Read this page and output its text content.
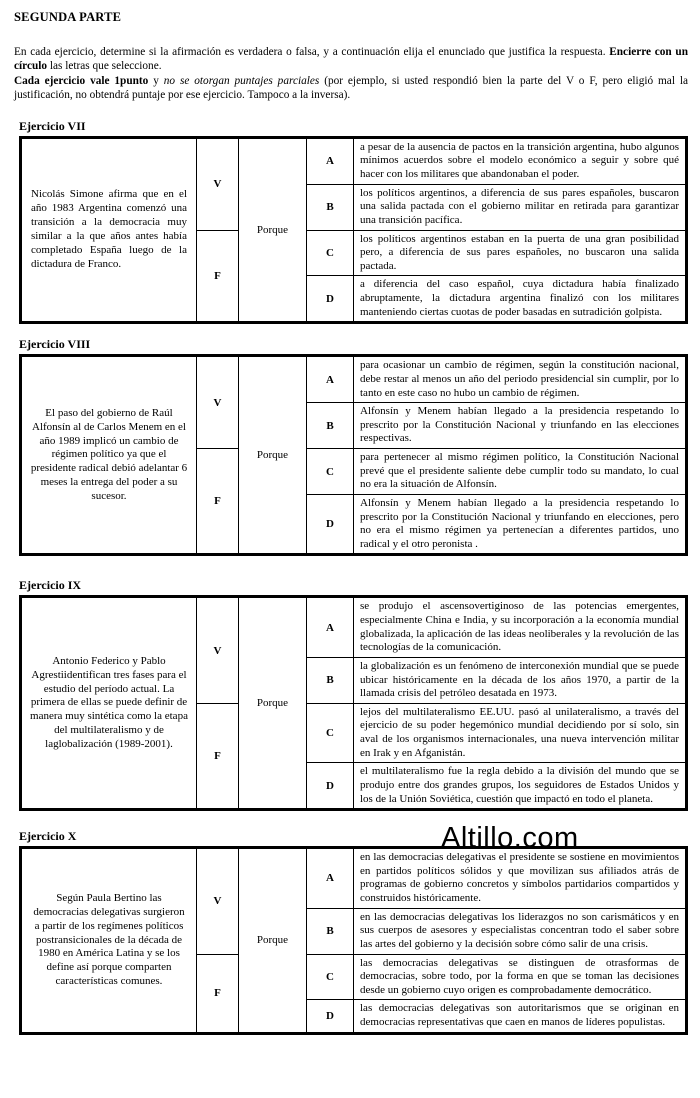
SEGUNDA PARTE

En cada ejercicio, determine si la afirmación es verdadera o falsa, y a continuación elija el enunciado que justifica la respuesta. Encierre con un círculo las letras que seleccione.

Cada ejercicio vale 1punto y no se otorgan puntajes parciales (por ejemplo, si usted respondió bien la parte del V o F, pero eligió mal la justificación, no obtendrá puntaje por ese ejercicio. Tampoco a la inversa).

Ejercicio VII
Nicolás Simone afirma que en el año 1983 Argentina comenzó una transición a la democracia muy similar a la que años antes había completado España luego de la dictadura de Franco.	V	Porque	A	a pesar de la ausencia de pactos en la transición argentina, hubo algunos mínimos acuerdos sobre el modelo económico a seguir y sobre qué hacer con los militares que abandonaban el poder.
			B	los políticos argentinos, a diferencia de sus pares españoles, buscaron una salida pactada con el gobierno militar en retirada para garantizar una transición pacífica.
	F		C	los políticos argentinos estaban en la puerta de una gran posibilidad pero, a diferencia de sus pares españoles, no buscaron una salida pactada.
			D	a diferencia del caso español, cuya dictadura había finalizado abruptamente, la dictadura argentina finalizó con los militares manteniendo ciertas cuotas de poder basadas en sutradición golpista.
Ejercicio VIII
El paso del gobierno de Raúl Alfonsín al de Carlos Menem en el año 1989 implicó un cambio de régimen político ya que el presidente radical debió adelantar 6 meses la entrega del poder a su sucesor.	V	Porque	A	para ocasionar un cambio de régimen, según la constitución nacional, debe restar al menos un año del periodo presidencial sin cumplir, por lo tanto en este caso no hubo un cambio de régimen.
			B	Alfonsín y Menem habían llegado a la presidencia respetando lo prescrito por la Constitución Nacional y triunfando en las elecciones respectivas.
	F		C	para pertenecer al mismo régimen político, la Constitución Nacional prevé que el presidente saliente debe cumplir todo su mandato, lo cual no era la situación de Alfonsín.
			D	Alfonsín y Menem habían llegado a la presidencia respetando lo prescrito por la Constitución Nacional y triunfando en elecciones, pero no era el mismo régimen ya pertenecían a diferentes partidos, uno radical y el otro peronista .
Ejercicio IX
Antonio Federico y Pablo Agrestiidentifican tres fases para el estudio del período actual. La primera de ellas se puede definir de manera muy sintética como la etapa del multilateralismo y de laglobalización (1989-2001).	V	Porque	A	se produjo el ascensovertiginoso de las potencias emergentes, especialmente China e India, y su incorporación a la economía mundial globalizada, la aplicación de las ideas neoliberales y la revolución de las tecnologías de la comunicación.
			B	la globalización es un fenómeno de interconexión mundial que se puede ubicar históricamente en la década de los años 1970, a partir de la llamada crisis del petróleo desatada en 1973.
	F		C	lejos del multilateralismo EE.UU. pasó al unilateralismo, a través del ejercicio de su poder hegemónico mundial decidiendo por sí solo, sin aval de los organismos internacionales, una nueva intervención militar en Irak y en Afganistán.
			D	el multilateralismo fue la regla debido a la división del mundo que se produjo entre dos grandes grupos, los seguidores de Estados Unidos y los de la Unión Soviética, cuestión que impactó en todo el planeta.
Ejercicio X
Según Paula Bertino las democracias delegativas surgieron a partir de los regímenes políticos postransicionales de la década de 1980 en América Latina y se los define así porque comparten características comunes.	V	Porque	A	en las democracias delegativas el presidente se sostiene en movimientos en partidos políticos sólidos y que movilizan sus afiliados atrás de programas de gobierno concretos y símbolos partidarios compartidos y construidos históricamente.
			B	en las democracias delegativas los liderazgos no son carismáticos y en sus cuerpos de asesores y especialistas concentran todo el saber sobre las artes del gobierno y la decisión sobre cómo salir de una crisis.
	F		C	las democracias delegativas se distinguen de otrasformas de democracias, sobre todo, por la forma en que se toman las decisiones desde un gobierno cuyo origen es comprobadamente democrático.
			D	las democracias delegativas son autoritarismos que se originan en democracias representativas que caen en manos de líderes populistas.
Altillo.com
